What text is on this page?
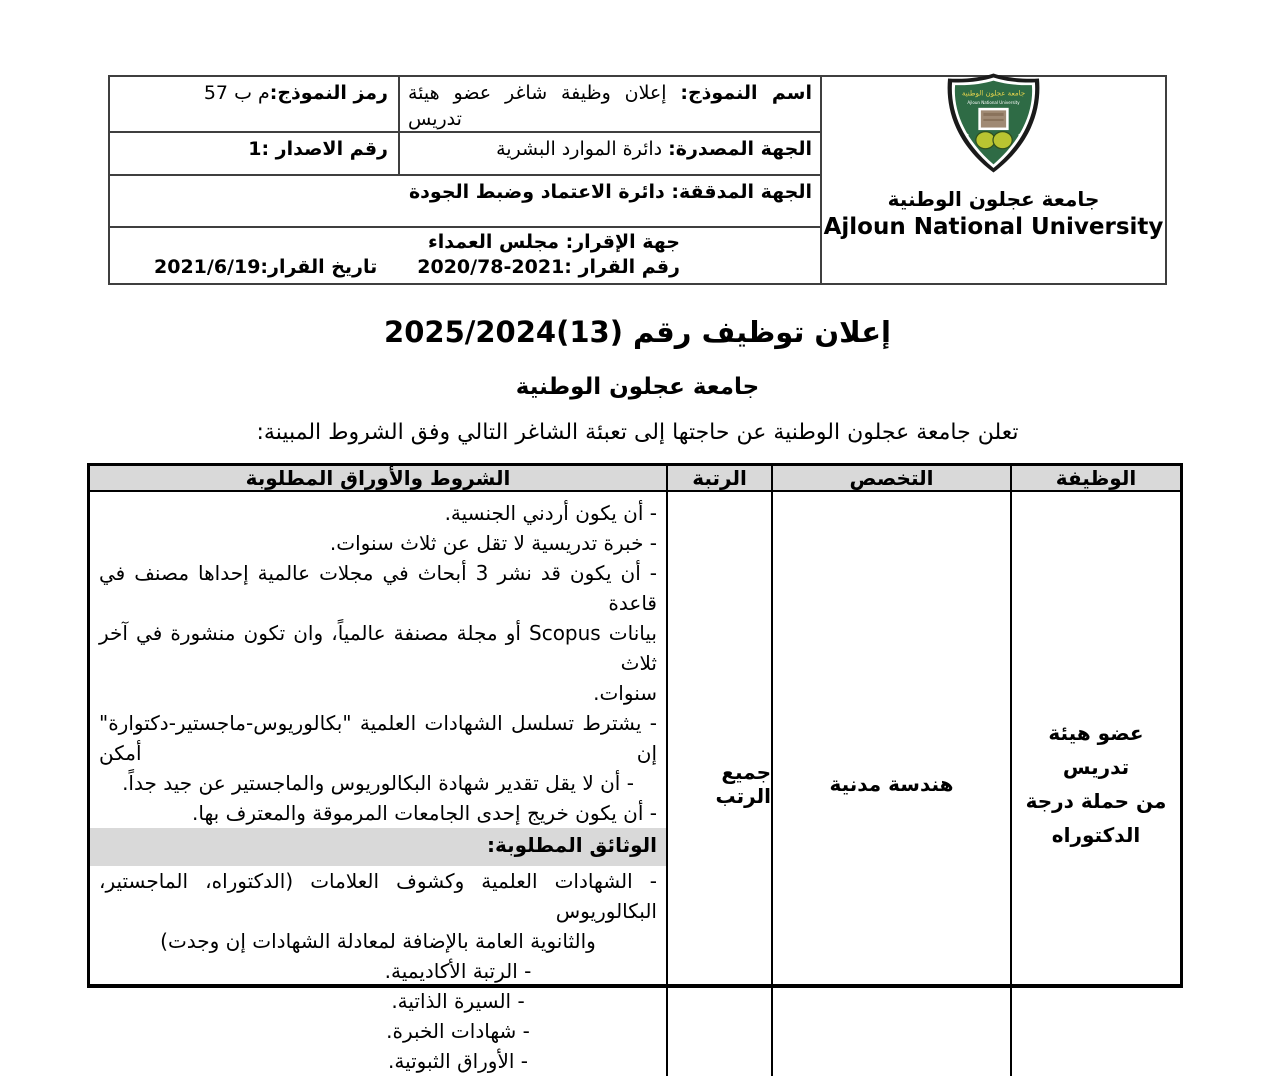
جامعة عجلون الوطنية
Ajloun National University
جامعة عجلون الوطنية
Ajloun National University
اسم النموذج: إعلان وظيفة شاغر عضو هيئة
تدريس
رمز النموذج:م ب 57
الجهة المصدرة: دائرة الموارد البشرية
رقم الاصدار :1
الجهة المدققة: دائرة الاعتماد وضبط الجودة
جهة الإقرار: مجلس العمداء
رقم القرار :2021-2020/78
تاريخ القرار:2021/6/19
إعلان توظيف رقم (13)2025/2024
جامعة عجلون الوطنية
تعلن جامعة عجلون الوطنية عن حاجتها إلى تعبئة الشاغر التالي وفق الشروط المبينة:
الوظيفة
التخصص
الرتبة
الشروط والأوراق المطلوبة
عضو هيئة
تدريس
من حملة درجة
الدكتوراه
هندسة مدنية
جميع الرتب
- أن يكون أردني الجنسية.
- خبرة تدريسية لا تقل عن ثلاث سنوات.
- أن يكون قد نشر 3 أبحاث في مجلات عالمية إحداها مصنف في قاعدة
بيانات Scopus أو مجلة مصنفة عالمياً، وان تكون منشورة في آخر ثلاث
سنوات.
- يشترط تسلسل الشهادات العلمية "بكالوريوس-ماجستير-دكتوارة" إن أمكن
- أن لا يقل تقدير شهادة البكالوريوس والماجستير عن جيد جداً.
- أن يكون خريج إحدى الجامعات المرموقة والمعترف بها.
الوثائق المطلوبة:
- الشهادات العلمية وكشوف العلامات (الدكتوراه، الماجستير، البكالوريوس
والثانوية العامة بالإضافة لمعادلة الشهادات إن وجدت)
- الرتبة الأكاديمية.
- السيرة الذاتية.
- شهادات الخبرة.
- الأوراق الثبوتية.
